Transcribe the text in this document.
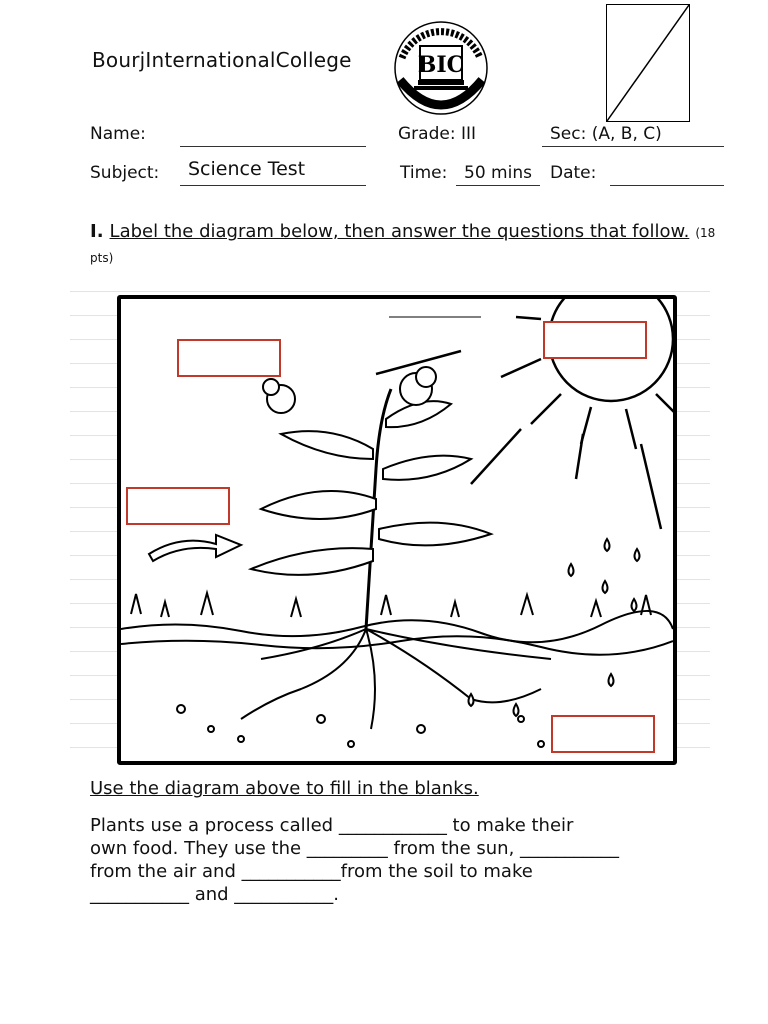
BourjInternationalCollege	BIC
Name:	Grade: III	Sec: (A, B, C)
Subject: Science Test	Time: 50 mins Date:
I. Label the diagram below, then answer the questions that follow. (18 pts)
Use the diagram above to fill in the blanks.
Plants use a process called ____________ to make their
own food. They use the _________ from the sun, ___________
from the air and ___________from the soil to make
___________ and ___________.
